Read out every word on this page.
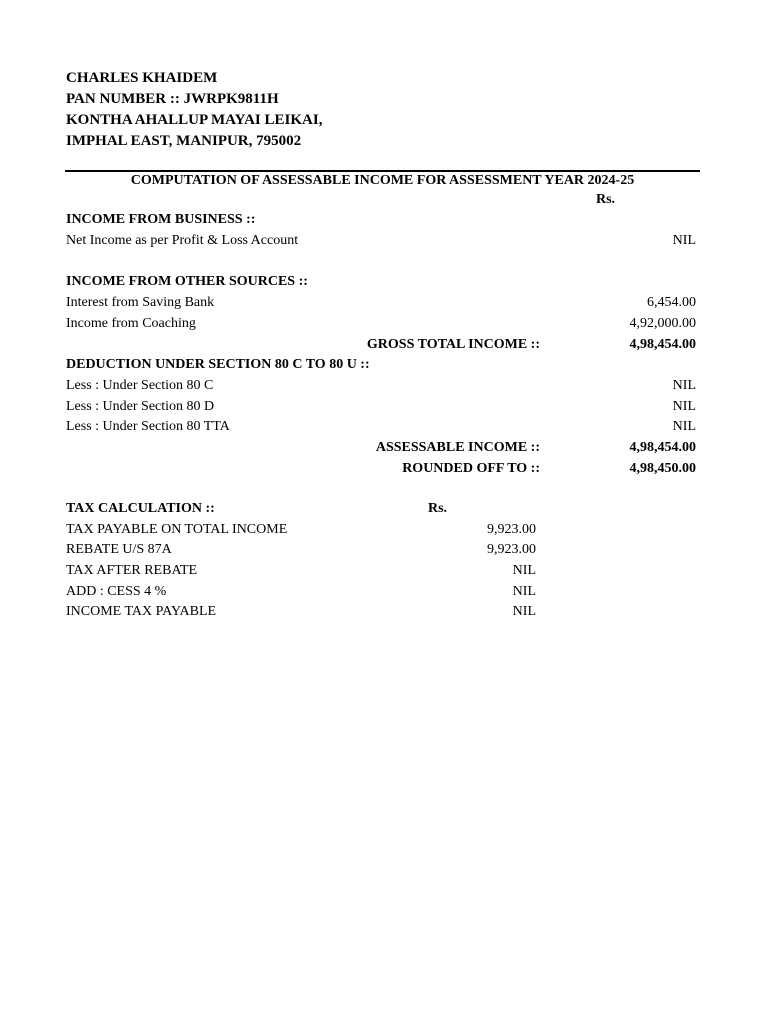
CHARLES KHAIDEM
PAN NUMBER :: JWRPK9811H
KONTHA AHALLUP MAYAI LEIKAI,
IMPHAL EAST, MANIPUR, 795002
COMPUTATION OF ASSESSABLE INCOME FOR ASSESSMENT YEAR 2024-25
Rs.
INCOME FROM BUSINESS ::
Net Income as per Profit & Loss Account	NIL
INCOME FROM OTHER SOURCES ::
Interest from Saving Bank	6,454.00
Income from Coaching	4,92,000.00
GROSS TOTAL INCOME ::	4,98,454.00
DEDUCTION UNDER SECTION 80 C TO 80 U ::
Less : Under Section 80 C	NIL
Less : Under Section 80 D	NIL
Less : Under Section 80 TTA	NIL
ASSESSABLE INCOME ::	4,98,454.00
ROUNDED OFF TO ::	4,98,450.00
TAX CALCULATION ::	Rs.
TAX PAYABLE ON TOTAL INCOME	9,923.00
REBATE U/S 87A	9,923.00
TAX AFTER REBATE	NIL
ADD : CESS 4 %	NIL
INCOME TAX PAYABLE	NIL
